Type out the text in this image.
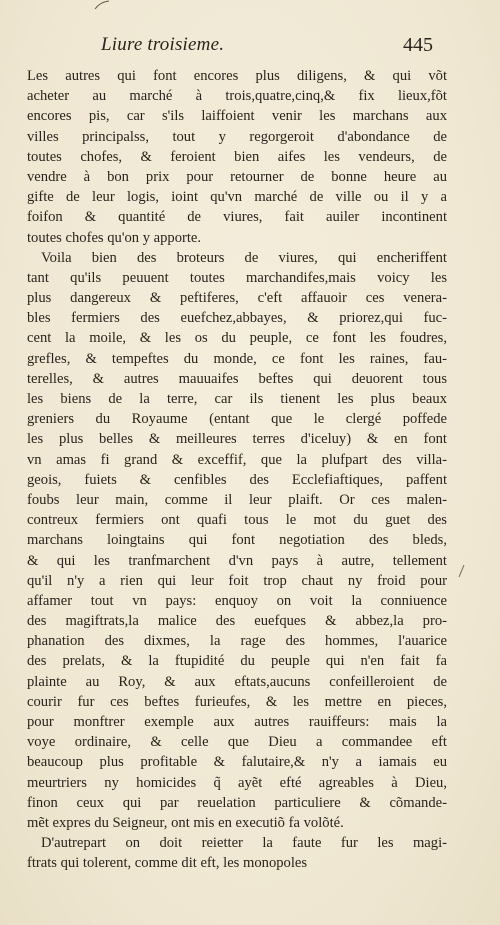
Liure troisieme.	445
Les autres qui font encores plus diligens, & qui võt
acheter au marché à trois,quatre,cinq,& fix lieux,fõt
encores pis, car s'ils laiffoient venir les marchans aux
villes principalss, tout y regorgeroit d'abondance de
toutes chofes, & feroient bien aifes les vendeurs, de
vendre à bon prix pour retourner de bonne heure au
gifte de leur logis, ioint qu'vn marché de ville ou il y a
foifon & quantité de viures, fait auiler incontinent
toutes chofes qu'on y apporte.
Voila bien des broteurs de viures, qui encheriffent
tant qu'ils peuuent toutes marchandifes,mais voicy les
plus dangereux & peftiferes, c'eft affauoir ces venera-
bles fermiers des euefchez,abbayes, & priorez,qui fuc-
cent la moile, & les os du peuple, ce font les foudres,
grefles, & tempeftes du monde, ce font les raines, fau-
terelles, & autres mauuaifes beftes qui deuorent tous
les biens de la terre, car ils tienent les plus beaux
greniers du Royaume (entant que le clergé poffede
les plus belles & meilleures terres d'iceluy) & en font
vn amas fi grand & exceffif, que la plufpart des villa-
geois, fuiets & cenfibles des Ecclefiaftiques, paffent
foubs leur main, comme il leur plaift. Or ces malen-
contreux fermiers ont quafi tous le mot du guet des
marchans loingtains qui font negotiation des bleds,
& qui les tranfmarchent d'vn pays à autre, tellement
qu'il n'y a rien qui leur foit trop chaut ny froid pour
affamer tout vn pays: enquoy on voit la conniuence
des magiftrats,la malice des euefques & abbez,la pro-
phanation des dixmes, la rage des hommes, l'auarice
des prelats, & la ftupidité du peuple qui n'en fait fa
plainte au Roy, & aux eftats,aucuns confeilleroient de
courir fur ces beftes furieufes, & les mettre en pieces,
pour monftrer exemple aux autres rauiffeurs: mais la
voye ordinaire, & celle que Dieu a commandee eft
beaucoup plus profitable & falutaire,& n'y a iamais eu
meurtriers ny homicides q̃ ayẽt efté agreables à Dieu,
finon ceux qui par reuelation particuliere & cõmande-
mẽt expres du Seigneur, ont mis en executiõ fa volõté.
D'autrepart on doit reietter la faute fur les magi-
ftrats qui tolerent, comme dit eft, les monopoles
